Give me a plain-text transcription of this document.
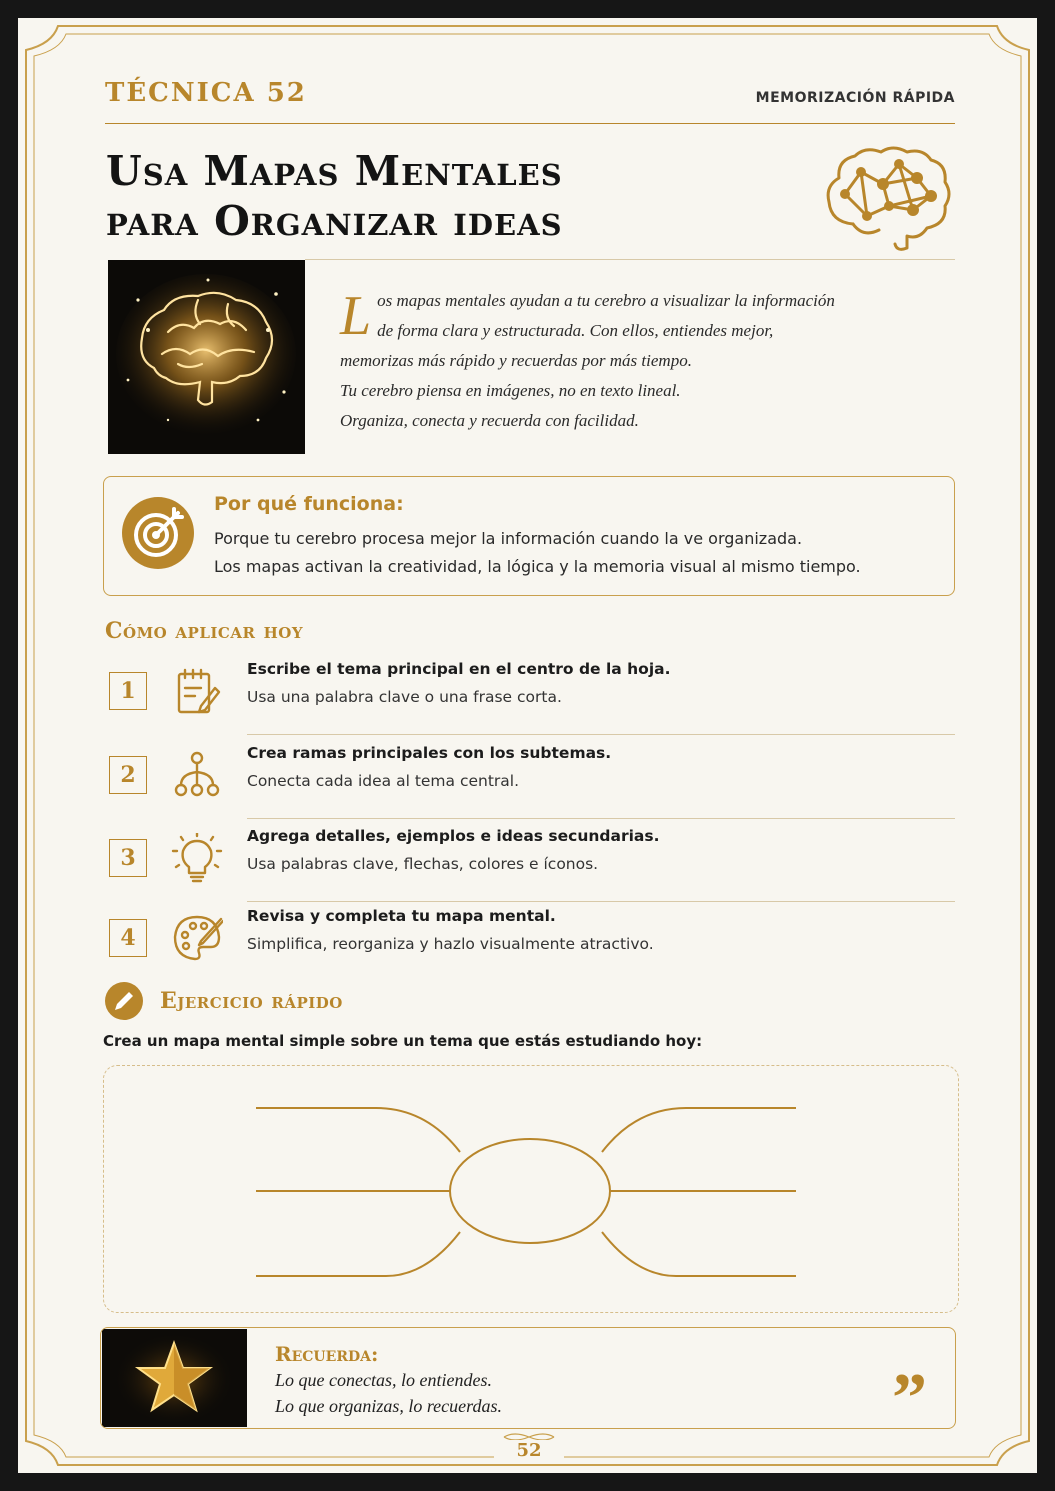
TÉCNICA 52	MEMORIZACIÓN RÁPIDA
Usa Mapas Mentales
para Organizar ideas
L os mapas mentales ayudan a tu cerebro a visualizar la información
de forma clara y estructurada. Con ellos, entiendes mejor,
memorizas más rápido y recuerdas por más tiempo.
Tu cerebro piensa en imágenes, no en texto lineal.
Organiza, conecta y recuerda con facilidad.
Por qué funciona:
Porque tu cerebro procesa mejor la información cuando la ve organizada.
Los mapas activan la creatividad, la lógica y la memoria visual al mismo tiempo.
Cómo aplicar hoy
1
Escribe el tema principal en el centro de la hoja.
Usa una palabra clave o una frase corta.
2
Crea ramas principales con los subtemas.
Conecta cada idea al tema central.
3
Agrega detalles, ejemplos e ideas secundarias.
Usa palabras clave, flechas, colores e íconos.
4
Revisa y completa tu mapa mental.
Simplifica, reorganiza y hazlo visualmente atractivo.
Ejercicio rápido
Crea un mapa mental simple sobre un tema que estás estudiando hoy:
Recuerda:
Lo que conectas, lo entiendes.
Lo que organizas, lo recuerdas.	”
52
